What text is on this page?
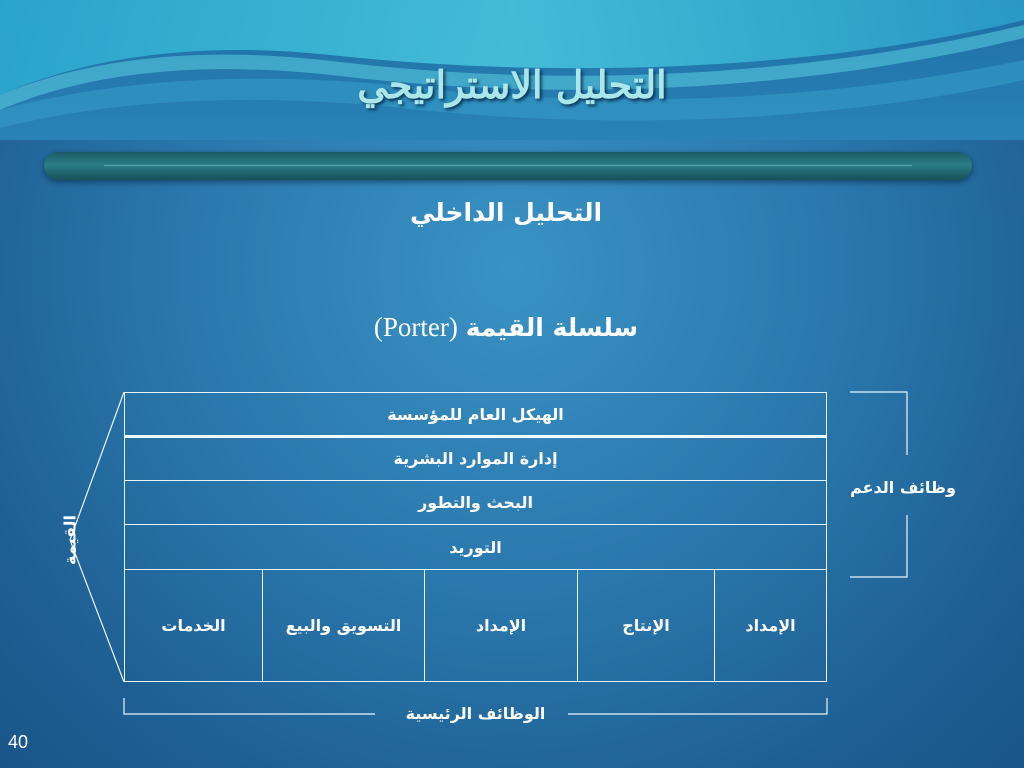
التحليل الاستراتيجي
التحليل الداخلي
سلسلة القيمة (Porter)
الهيكل العام للمؤسسة
إدارة الموارد البشرية
البحث والتطور
التوريد
الخدمات	التسويق والبيع	الإمداد	الإنتاج	الإمداد
القيمة
وظائف الدعم
الوظائف الرئيسية
40
